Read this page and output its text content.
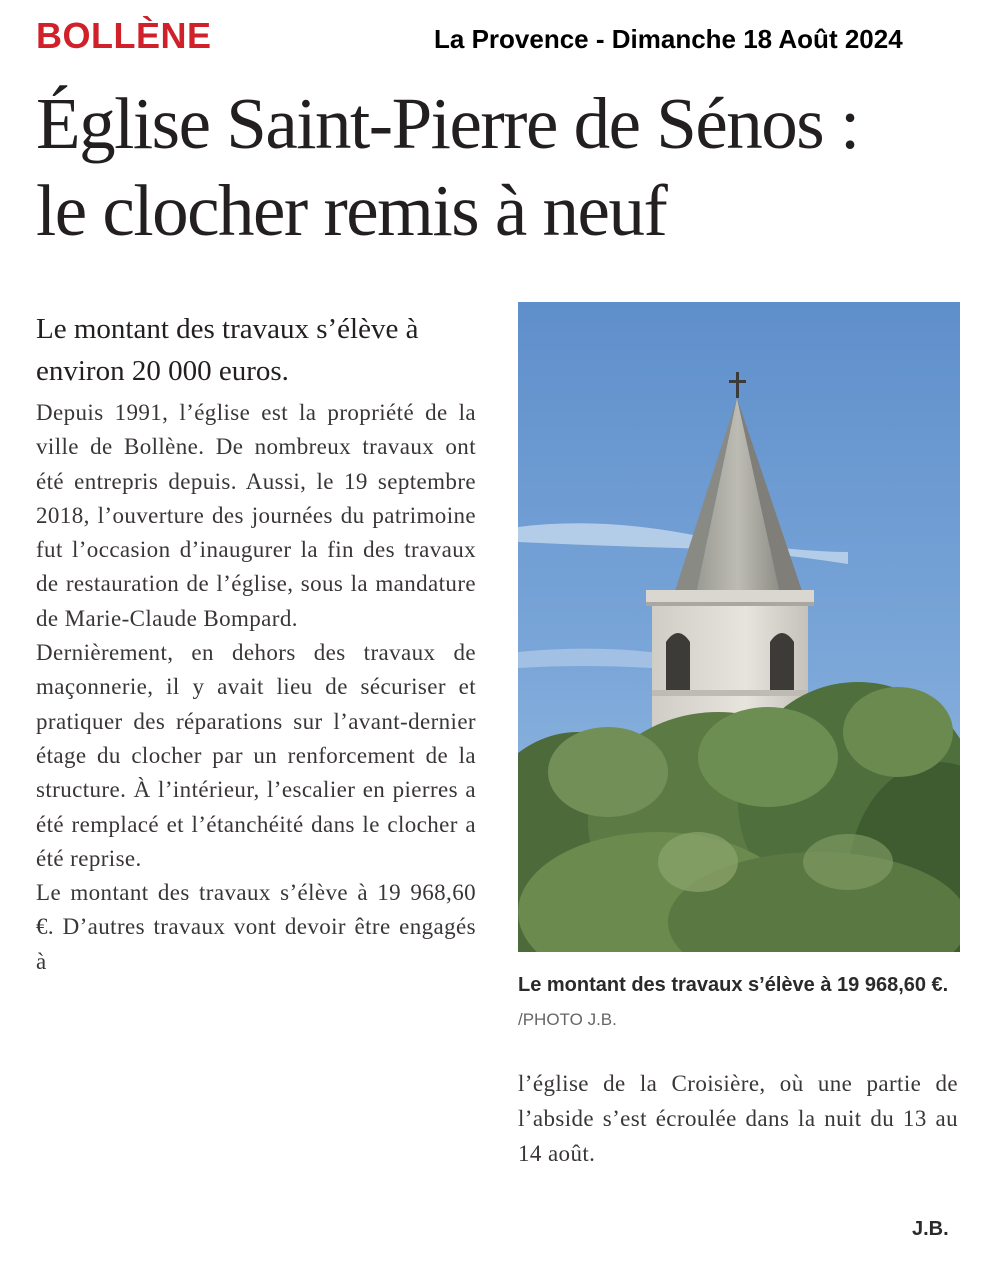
BOLLÈNE	La Provence - Dimanche 18 Août 2024
Église Saint-Pierre de Sénos :
le clocher remis à neuf

Le montant des travaux s’élève à environ 20 000 euros.

Depuis 1991, l’église est la propriété de la ville de Bollène. De nombreux travaux ont été entrepris depuis. Aussi, le 19 septembre 2018, l’ouverture des journées du patrimoine fut l’occasion d’inaugurer la fin des travaux de restauration de l’église, sous la mandature de Marie-Claude Bompard.

Dernièrement, en dehors des travaux de maçonnerie, il y avait lieu de sécuriser et pratiquer des réparations sur l’avant-dernier étage du clocher par un renforcement de la structure. À l’intérieur, l’escalier en pierres a été remplacé et l’étanchéité dans le clocher a été reprise.

Le montant des travaux s’élève à 19 968,60 €. D’autres travaux vont devoir être engagés à

Le montant des travaux s’élève à 19 968,60 €. /PHOTO J.B.

l’église de la Croisière, où une partie de l’abside s’est écroulée dans la nuit du 13 au 14 août.

J.B.
